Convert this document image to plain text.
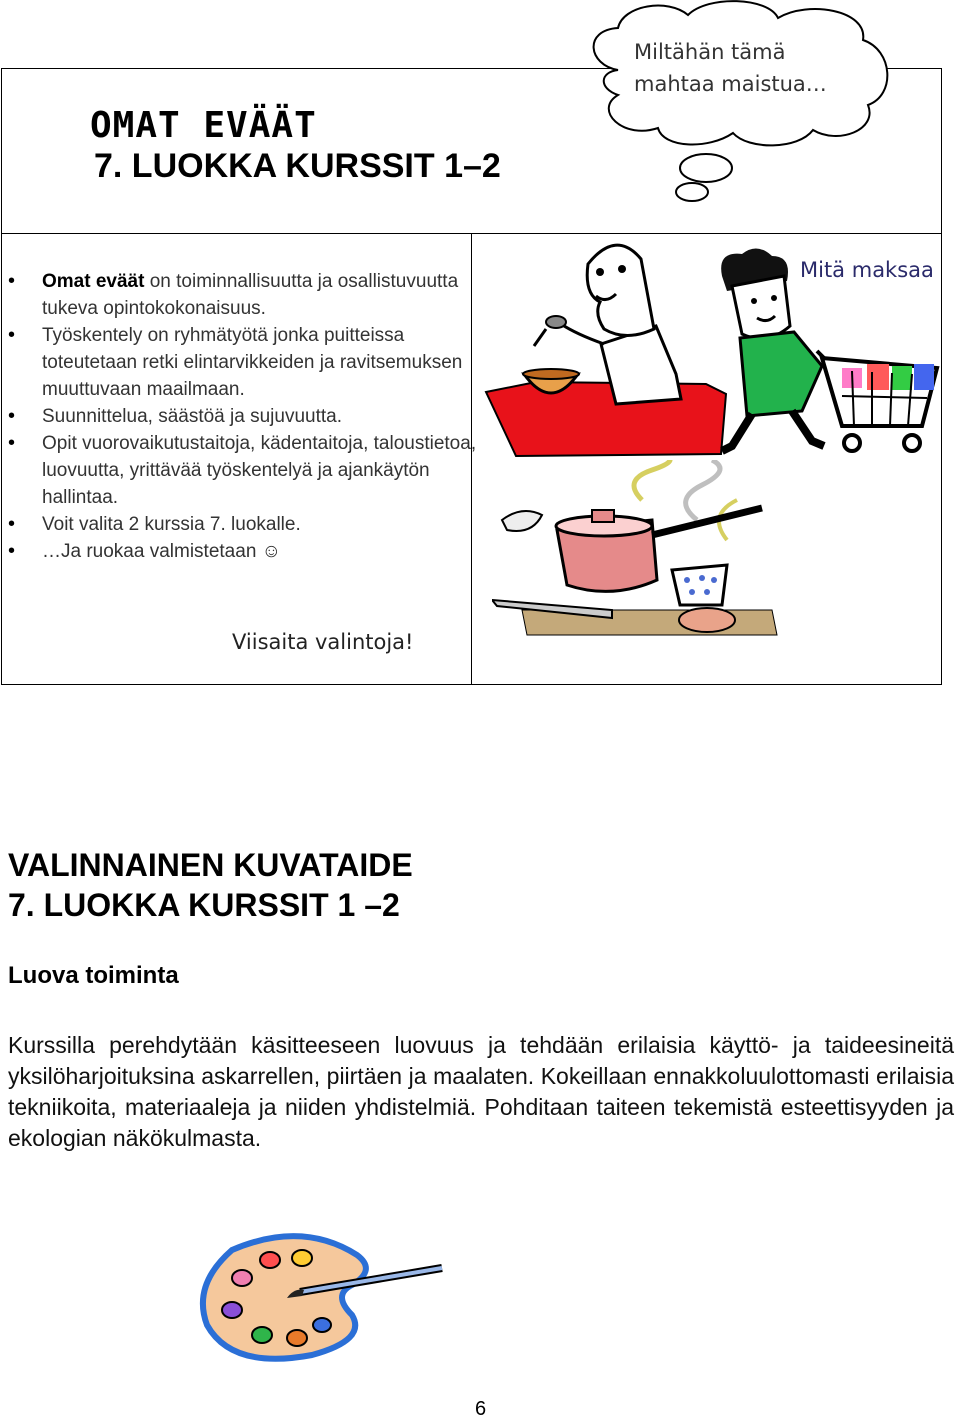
OMAT EVÄÄT
7. LUOKKA KURSSIT 1–2
Miltähän tämä mahtaa maistua…
• Omat eväät on toiminnallisuutta ja osallistuvuutta tukeva opintokokonaisuus.
• Työskentely on ryhmätyötä jonka puitteissa toteutetaan retki elintarvikkeiden ja ravitsemuksen muuttuvaan maailmaan.
• Suunnittelua, säästöä ja sujuvuutta.
• Opit vuorovaikutustaitoja, kädentaitoja, taloustietoa, luovuutta, yrittävää työskentelyä ja ajankäytön hallintaa.
• Voit valita 2 kurssia 7. luokalle.
• …Ja ruokaa valmistetaan ☺
Viisaita valintoja!
Mitä maksaa
VALINNAINEN KUVATAIDE
7. LUOKKA KURSSIT 1 –2
Luova toiminta
Kurssilla perehdytään käsitteeseen luovuus ja tehdään erilaisia käyttö- ja taideesineitä yksilöharjoituksina askarrellen, piirtäen ja maalaten. Kokeillaan ennakkoluulottomasti erilaisia tekniikoita, materiaaleja ja niiden yhdistelmiä. Pohditaan taiteen tekemistä esteettisyyden ja ekologian näkökulmasta.
6
